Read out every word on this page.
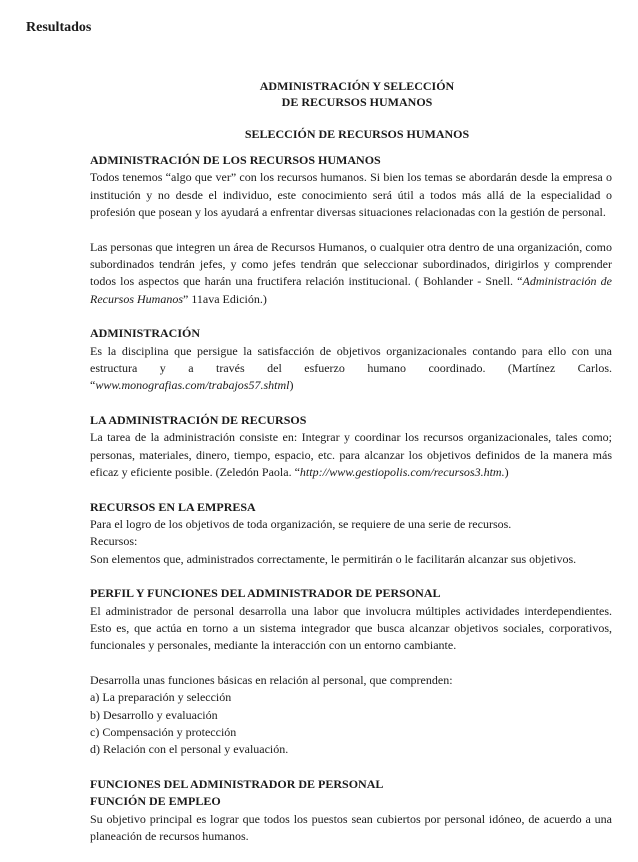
Resultados
ADMINISTRACIÓN Y SELECCIÓN
DE RECURSOS HUMANOS
SELECCIÓN DE RECURSOS HUMANOS
ADMINISTRACIÓN DE LOS RECURSOS HUMANOS

Todos tenemos “algo que ver” con los recursos humanos. Si bien los temas se abordarán desde la empresa o institución y no desde el individuo, este conocimiento será útil a todos más allá de la especialidad o profesión que posean y los ayudará a enfrentar diversas situaciones relacionadas con la gestión de personal.

Las personas que integren un área de Recursos Humanos, o cualquier otra dentro de una organización, como subordinados tendrán jefes, y como jefes tendrán que seleccionar subordinados, dirigirlos y comprender todos los aspectos que harán una fructifera relación institucional. ( Bohlander - Snell. “Administración de Recursos Humanos” 11ava Edición.)

ADMINISTRACIÓN

Es la disciplina que persigue la satisfacción de objetivos organizacionales contando para ello con una estructura y a través del esfuerzo humano coordinado. (Martínez Carlos. “www.monografias.com/trabajos57.shtml)

LA ADMINISTRACIÓN DE RECURSOS

La tarea de la administración consiste en: Integrar y coordinar los recursos organizacionales, tales como; personas, materiales, dinero, tiempo, espacio, etc. para alcanzar los objetivos definidos de la manera más eficaz y eficiente posible. (Zeledón Paola. “http://www.gestiopolis.com/recursos3.htm.)

RECURSOS EN LA EMPRESA

Para el logro de los objetivos de toda organización, se requiere de una serie de recursos.

Recursos:

Son elementos que, administrados correctamente, le permitirán o le facilitarán alcanzar sus objetivos.

PERFIL Y FUNCIONES DEL ADMINISTRADOR DE PERSONAL

El administrador de personal desarrolla una labor que involucra múltiples actividades interdependientes. Esto es, que actúa en torno a un sistema integrador que busca alcanzar objetivos sociales, corporativos, funcionales y personales, mediante la interacción con un entorno cambiante.

Desarrolla unas funciones básicas en relación al personal, que comprenden:

a) La preparación y selección
b) Desarrollo y evaluación
c) Compensación y protección
d) Relación con el personal y evaluación.
FUNCIONES DEL ADMINISTRADOR DE PERSONAL
FUNCIÓN DE EMPLEO

Su objetivo principal es lograr que todos los puestos sean cubiertos por personal idóneo, de acuerdo a una planeación de recursos humanos.
